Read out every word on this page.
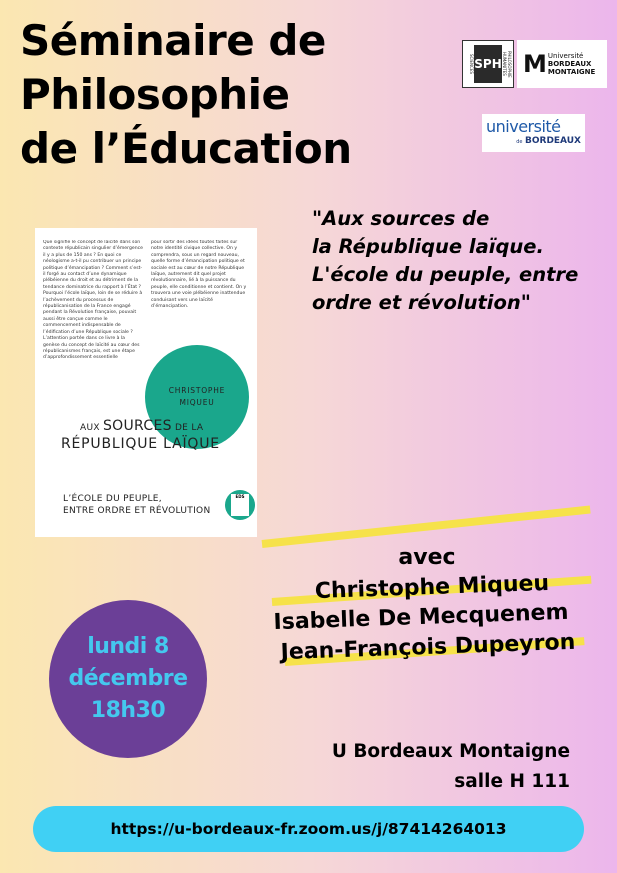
Séminaire de
Philosophie
de l’Éducation
SCIENCES SPH	PHILOSOPHIE HUMANITES M Université
BORDEAUX
MONTAIGNE
université
de BORDEAUX
"Aux sources de
la République laïque.
L'école du peuple, entre
ordre et révolution"
Que signifie le concept de laïcité dans son contexte républicain singulier d’émergence il y a plus de 150 ans ? En quoi ce néologisme a-t-il pu contribuer un principe politique d’émancipation ? Comment s’est-il forgé au contact d’une dynamique plébéienne du droit et au détriment de la tendance dominatrice du rapport à l’État ? Pourquoi l’école laïque, loin de se réduire à l’achèvement du processus de républicanisation de la France engagé pendant la Révolution française, pouvait aussi être conçue comme le commencement indispensable de l’édification d’une République sociale ? L’attention portée dans ce livre à la genèse du concept de laïcité au cœur des républicanismes français, est une étape d’approfondissement essentielle
pour sortir des idées toutes faites sur notre identité civique collective. On y comprendra, sous un regard nouveau, quelle forme d’émancipation politique et sociale est au cœur de notre République laïque, autrement dit quel projet révolutionnaire, lié à la puissance du peuple, elle conditionne et contient. On y trouvera une voie plébéienne inattendue conduisant vers une laïcité d’émancipation.
CHRISTOPHE
MIQUEU
AUX SOURCES DE LA
RÉPUBLIQUE LAÏQUE
L’ÉCOLE DU PEUPLE,
ENTRE ORDRE ET RÉVOLUTION
EDS
avec
Christophe Miqueu
Isabelle De Mecquenem
Jean-François Dupeyron
lundi 8
décembre
18h30
U Bordeaux Montaigne
salle H 111
https://u-bordeaux-fr.zoom.us/j/87414264013
